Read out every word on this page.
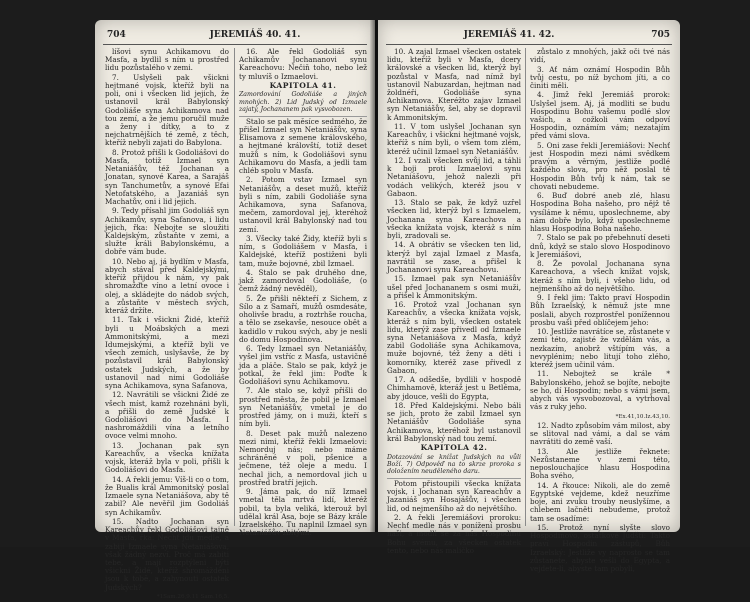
704	JEREMIÁŠ 40. 41.

líšovi synu Achikamovu do Masfa, a bydlil s ním u prostřed lidu pozůstalého v zemi.

7. Uslyšeli pak všickni hejtmané vojsk, kteříž byli na poli, oni i všecken lid jejich, že ustanovil král Babylonský Godoliáše syna Achikamova nad tou zemí, a že jemu poručil muže a ženy i dítky, a to z nejchatrnějších té země, z těch, kteříž nebyli zajati do Babylona.

8. Protož přišli k Godoliášovi do Masfa, totiž Izmael syn Netaniášův, též Jochanan a Jonatan, synové Karea, a Sarajáš syn Tanchumetův, a synové Efai Netofatského, a Jazaniáš syn Machatův, oni i lid jejich.

9. Tedy přísahl jim Godoliáš syn Achikamův, syna Safanova, i lidu jejich, řka: Nebojte se sloužiti Kaldejským, zůstaňte v zemi, a služte králi Babylonskému, a dobře vám bude.

10. Nebo aj, já bydlím v Masfa, abych stával před Kaldejskými, kteříž přijdou k nám, vy pak shromažďte víno a letní ovoce i olej, a skládejte do nádob svých, a zůstaňte v městech svých, kteráž držíte.

11. Tak i všickni Židé, kteříž byli u Moábských a mezi Ammonitskými, a mezi Idumejskými, a kteříž byli ve všech zemích, uslyšavše, že by pozůstavil král Babylonský ostatek Judských, a že by ustanovil nad nimi Godoliáše syna Achikamova, syna Safanova,

12. Navrátili se všickni Židé ze všech míst, kamž rozehnáni byli, a přišli do země Judské k Godoliášovi do Masfa. I nashromáždili vína a letního ovoce velmi mnoho.

13. Jochanan pak syn Kareachův, a všecka knížata vojsk, kteráž byla v poli, přišli k Godoliášovi do Masfa.

14. A řekli jemu: Víš-li co o tom, že Bualis král Ammonitský poslal Izmaele syna Netaniášova, aby tě zabil? Ale nevěřil jim Godoliáš syn Achikamův.

15. Nadto Jochanan syn Kareachův řekl Godoliášovi tajně v Masfa, řka: Nechť jdu medle, a zabiji Izmaele syna Netaniášova, však žádný nezví. Proč má zabiti tebe, a mají rozptýleni býti všickni Židé, kteříž shromážděni jsou k tobě, a zahynouti ostatek Judských?

*1Sam.26,9.11 Sam.16,5.

16. Ale řekl Godoliáš syn Achikamův Jochananovi synu Kareachovu: Nečiň toho, nebo lež ty mluvíš o Izmaelovi.

KAPITOLA 41.

Zamordování Godoliáše a jiných mnohých. 2) Lid Judský od Izmaele zajatý, Jochananem pak vysvobozen.

Stalo se pak měsíce sedmého, že přišel Izmael syn Netaniášův, syna Elisamova z semene královského, a hejtmané královští, totiž deset mužů s ním, k Godoliášovi synu Achikamovu do Masfa, a jedli tam chléb spolu v Masfa.

2. Potom vstav Izmael syn Netaniášův, a deset mužů, kteříž byli s ním, zabili Godoliáše syna Achikamova, syna Safanova, mečem, zamordoval jej, kteréhož ustanovil král Babylonský nad tou zemí.

3. Všecky také Židy, kteříž byli s ním, s Godoliášem v Masfa, i Kaldejské, kteříž postiženi byli tam, muže bojovné, zbil Izmael.

4. Stalo se pak druhého dne, jakž zamordoval Godoliáše, (o čemž žádný nevěděl),

5. Že přišli někteří z Sichem, z Sílo a z Samaří, mužů osmdesáte, oholivše bradu, a roztrhše roucha, a tělo se zsekavše, nesouce obět a kadidlo v rukou svých, aby je nesli do domu Hospodinova.

6. Tedy Izmael syn Netaniášův, vyšel jim vstříc z Masfa, ustavičně jda a pláče. Stalo se pak, když je potkal, že řekl jim: Poďte k Godoliášovi synu Achikamovu.

7. Ale stalo se, když přišli do prostřed města, že pobil je Izmael syn Netaniášův, vmetal je do prostřed jámy, on i muži, kteří s ním byli.

8. Deset pak mužů nalezeno mezi nimi, kteříž řekli Izmaelovi: Nemorduj nás; nebo máme schráněné v poli, pšenice a ječmene, též oleje a medu. I nechal jich, a nemordoval jich u prostřed bratří jejich.

9. Jáma pak, do níž Izmael vmetal těla mrtvá lidí, kteréž pobil, ta byla veliká, kterouž byl udělal král Asa, boje se Bázy krále Izraelského. Tu naplnil Izmael syn Netaniášův zbitými.

JEREMIÁŠ 41. 42.	705

10. A zajal Izmael všecken ostatek lidu, kteříž byli v Masfa, dcery královské a všecken lid, kterýž byl pozůstal v Masfa, nad nímž byl ustanovil Nabuzardan, hejtman nad žoldnéři, Godoliáše syna Achikamova. Kteréžto zajav Izmael syn Netaniášův, šel, aby se dopravil k Ammonitským.

11. V tom uslyšel Jochanan syn Kareachův, i všickni hejtmané vojsk, kteříž s ním byli, o všem tom zlém, kteréž učinil Izmael syn Netaniášův.

12. I vzali všecken svůj lid, a táhli k boji proti Izmaelovi synu Netaniášovu, jehož nalezli při vodách velikých, kteréž jsou v Gabaon.

13. Stalo se pak, že když uzřel všecken lid, kterýž byl s Izmaelem, Jochanana syna Kareachova a všecka knížata vojsk, kteráž s ním byli, zradovali se.

14. A obrátiv se všecken ten lid, kterýž byl zajal Izmael z Masfa, navrátil se zase, a přišel k Jochananovi synu Kareachovu.

15. Izmael pak syn Netaniášův ušel před Jochananem s osmi muži, a přišel k Ammonitským.

16. Protož vzal Jochanan syn Kareachův, a všecka knížata vojsk, kteráž s ním byli, všecken ostatek lidu, kterýž zase přivedl od Izmaele syna Netaniášova z Masfa, když zabil Godoliáše syna Achikamova, muže bojovné, též ženy a děti i komorníky, kteréž zase přivedl z Gabaon,

17. A odšedše, bydlili v hospodě Chimhamově, kteráž jest u Betléma, aby jdouce, vešli do Egypta,

18. Před Kaldejskými. Nebo báli se jich, proto že zabil Izmael syn Netaniášův Godoliáše syna Achikamova, kteréhož byl ustanovil král Babylonský nad tou zemí.

KAPITOLA 42.

Dotazování se knížat Judských na vůli Boží. 7) Odpověď na to skrze proroka s doložením neuděleného daru.

Potom přistoupili všecka knížata vojsk, i Jochanan syn Kareachův a Jazaniáš syn Hosajášův, i všecken lid, od nejmenšího až do největšího.

2. A řekli Jeremiášovi proroku: Nechť medle nás v ponížení prosbu naši, a modli se za nás Hospodinu Bohu svému, za všecken ostatek tento, nebo nás maličko

zůstalo z mnohých, jakž oči tvé nás vidí,

3. Ať nám oznámí Hospodin Bůh tvůj cestu, po níž bychom jíti, a co činiti měli.

4. Jimž řekl Jeremiáš prorok: Uslyšel jsem. Aj, já modliti se budu Hospodinu Bohu vašemu podlé slov vašich, a cožkoli vám odpoví Hospodin, oznámím vám; nezatajím před vámi slova.

5. Oni zase řekli Jeremiášovi: Nechť jest Hospodin mezi námi svědkem pravým a věrným, jestliže podlé každého slova, pro něž poslal tě Hospodin Bůh tvůj k nám, tak se chovati nebudeme.

6. Buď dobré aneb zlé, hlasu Hospodina Boha našeho, pro nějž tě vysíláme k němu, uposlechneme, aby nám dobře bylo, když uposlechneme hlasu Hospodina Boha našeho.

7. Stalo se pak po přebehnutí deseti dnů, když se stalo slovo Hospodinovo k Jeremiášovi,

8. Že povolal Jochanana syna Kareachova, a všech knížat vojsk, kteráž s ním byli, i všeho lidu, od nejmenšího až do největšího.

9. I řekl jim: Takto praví Hospodin Bůh Izraelský, k němuž jste mne poslali, abych rozprostřel ponížennou prosbu vaši před oblíčejem jeho:

10. Jestliže navrátíce se, zůstanete v zemi této, zajisté že vzdělám vás, a nezkazím, anobrž vštípím vás, a nevyplénim; nebo litují toho zlého, kteréž jsem učinil vám.

11. Nebojtež se krále * Babylonského, jehož se bojíte, nebojte se ho, dí Hospodin; nebo s vámi jsem, abych vás vysvobozoval, a vytrhoval vás z ruky jeho.

*Ex.41,10.Iz.43,10.

12. Nadto způsobím vám milost, aby se slitoval nad vámi, a dal se vám navrátiti do země vaší.

13. Ale jestliže řeknete: Nezůstaneme v zemi této, neposlouchajíce hlasu Hospodina Boha svého,

14. A řkouce: Nikoli, ale do země Egyptské vejdeme, kdež neuzříme boje, ani zvuku trouby neuslyšíme, a chlebem lačněti nebudeme, protož tam se osadíme:

15. Protož nyní slyšte slovo Hospodinovo, ostatkové Judští: Takto praví Hospodin zástupů, Bůh Izraelský: Jestliže vy naprosto se tam zůstanete, abyste vešli do Egypta, a vejdete-li, abyste tam pobyli,
